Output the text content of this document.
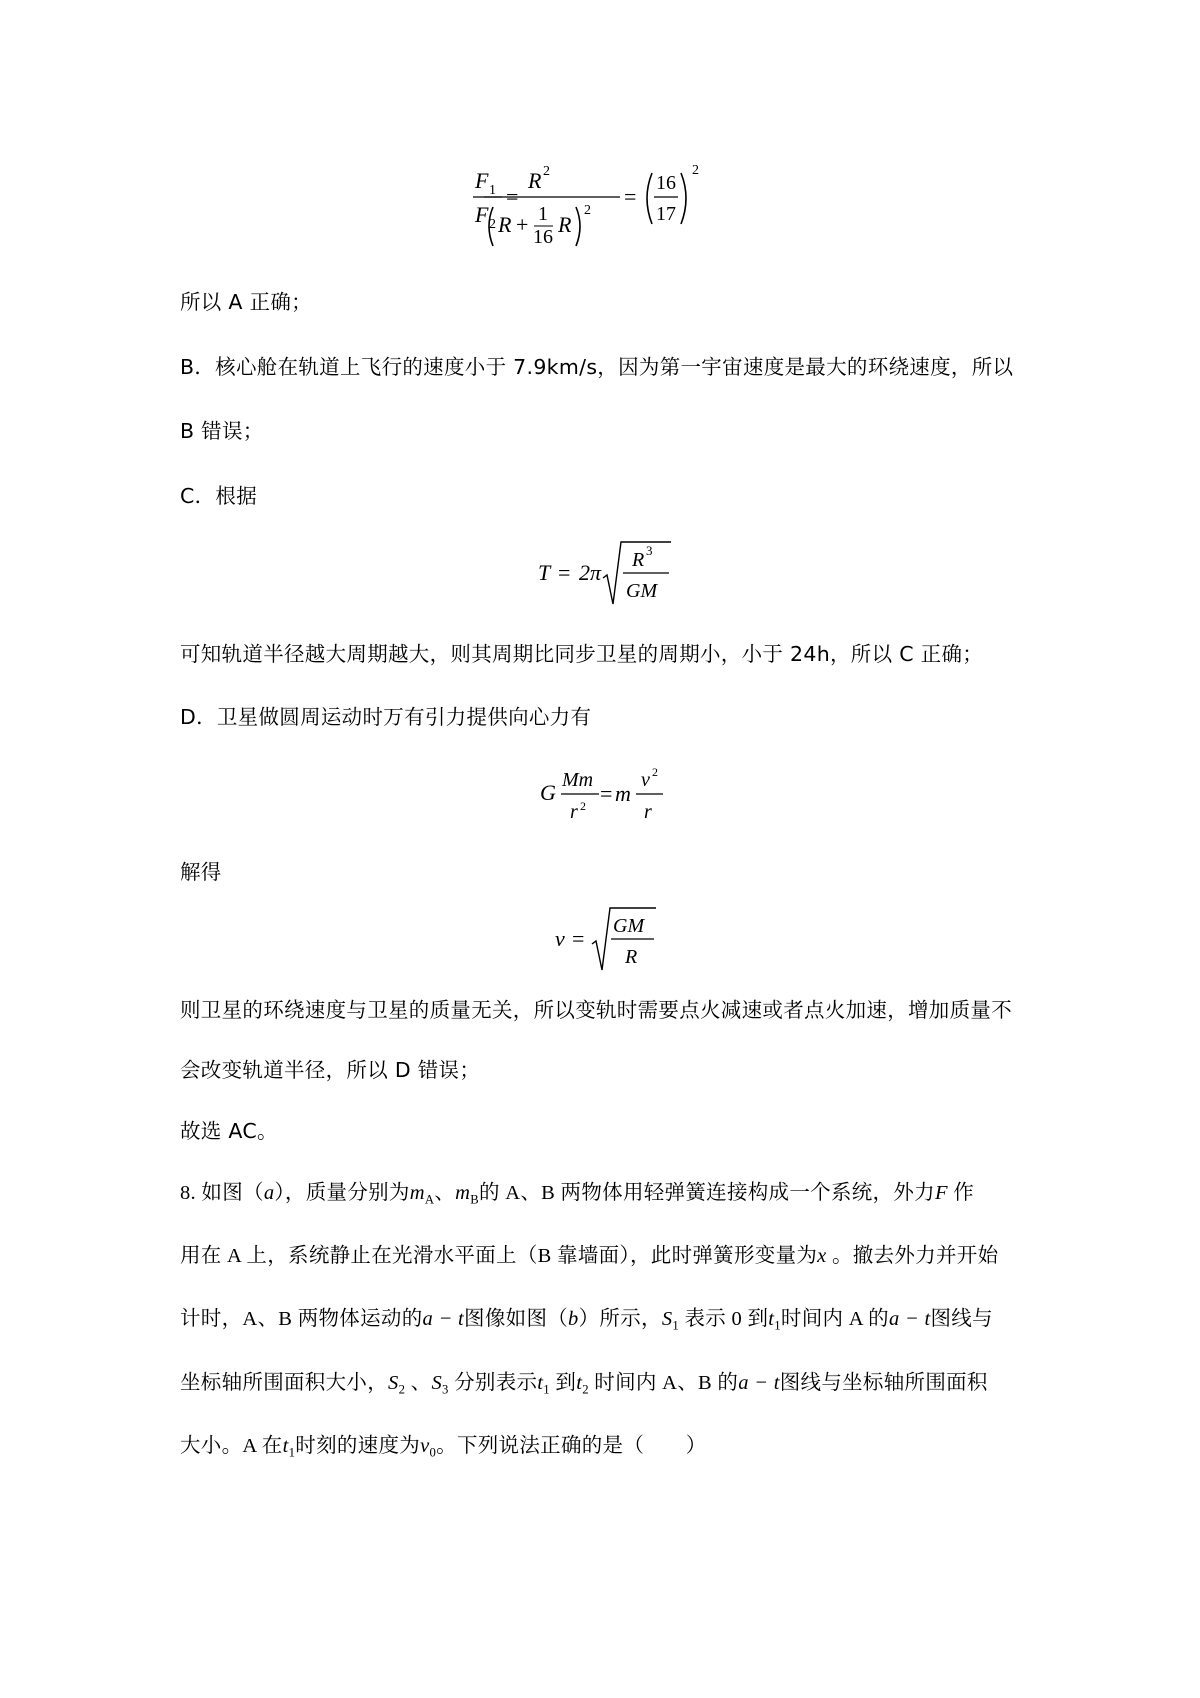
F 1
F 2
=
R 2
R + 1
16 R
2
=
16
17
2
所以 A 正确；
B．核心舱在轨道上飞行的速度小于 7.9km/s，因为第一宇宙速度是最大的环绕速度，所以
B 错误；
C．根据
T = 2π R 3
GM
可知轨道半径越大周期越大，则其周期比同步卫星的周期小，小于 24h，所以 C 正确；
D．卫星做圆周运动时万有引力提供向心力有
G Mm
r 2 = m
v 2
r
解得
v = GM
R
则卫星的环绕速度与卫星的质量无关，所以变轨时需要点火减速或者点火加速，增加质量不
会改变轨道半径，所以 D 错误；
故选 AC。
8. 如图（a），质量分别为$m_A$、$m_B$的 A、B 两物体用轻弹簧连接构成一个系统，外力F 作
用在 A 上，系统静止在光滑水平面上（B 靠墙面），此时弹簧形变量为x 。撤去外力并开始
计时，A、B 两物体运动的a − t图像如图（b）所示，$S_1$ 表示 0 到$t_1$时间内 A 的a − t图线与
坐标轴所围面积大小，$S_2$ 、$S_3$ 分别表示$t_1$ 到$t_2$ 时间内 A、B 的a − t图线与坐标轴所围面积
大小。A 在$t_1$时刻的速度为$v_0$。下列说法正确的是（　　）
